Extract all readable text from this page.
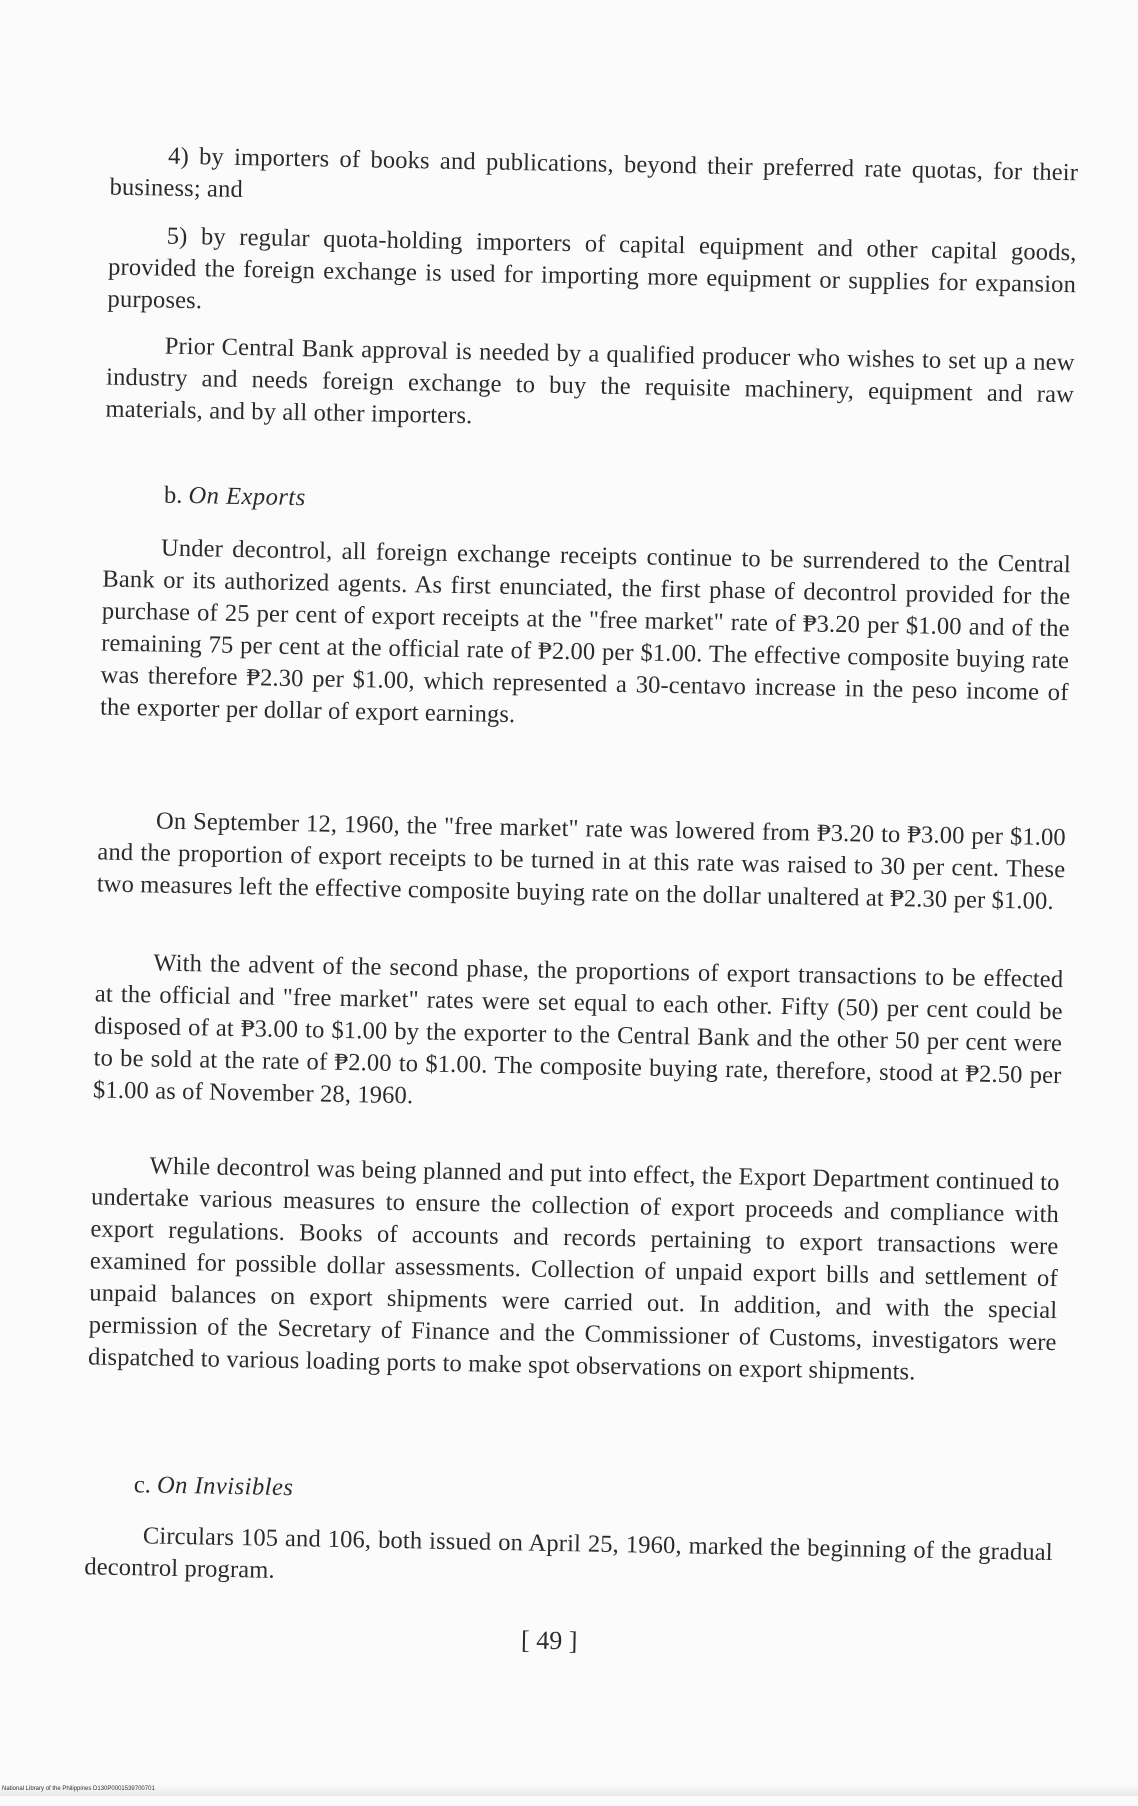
4) by importers of books and publications, beyond their preferred rate quotas, for their business; and

5) by regular quota-holding importers of capital equipment and other capital goods, provided the foreign exchange is used for importing more equipment or supplies for expansion purposes.

Prior Central Bank approval is needed by a qualified producer who wishes to set up a new industry and needs foreign exchange to buy the requisite machinery, equipment and raw materials, and by all other importers.

b. On Exports

Under decontrol, all foreign exchange receipts continue to be surrendered to the Central Bank or its authorized agents. As first enunciated, the first phase of decontrol provided for the purchase of 25 per cent of export receipts at the "free market" rate of ₱3.20 per $1.00 and of the remaining 75 per cent at the official rate of ₱2.00 per $1.00. The effective composite buying rate was therefore ₱2.30 per $1.00, which represented a 30-centavo increase in the peso income of the exporter per dollar of export earnings.

On September 12, 1960, the "free market" rate was lowered from ₱3.20 to ₱3.00 per $1.00 and the proportion of export receipts to be turned in at this rate was raised to 30 per cent. These two measures left the effective composite buying rate on the dollar unaltered at ₱2.30 per $1.00.

With the advent of the second phase, the proportions of export transactions to be effected at the official and "free market" rates were set equal to each other. Fifty (50) per cent could be disposed of at ₱3.00 to $1.00 by the exporter to the Central Bank and the other 50 per cent were to be sold at the rate of ₱2.00 to $1.00. The composite buying rate, therefore, stood at ₱2.50 per $1.00 as of November 28, 1960.

While decontrol was being planned and put into effect, the Export Department continued to undertake various measures to ensure the collection of export proceeds and compliance with export regulations. Books of accounts and records pertaining to export transactions were examined for possible dollar assessments. Collection of unpaid export bills and settlement of unpaid balances on export shipments were carried out. In addition, and with the special permission of the Secretary of Finance and the Commissioner of Customs, investigators were dispatched to various loading ports to make spot observations on export shipments.

c. On Invisibles

Circulars 105 and 106, both issued on April 25, 1960, marked the beginning of the gradual decontrol program.

[ 49 ]
National Library of the Philippines D130P0001539700701
